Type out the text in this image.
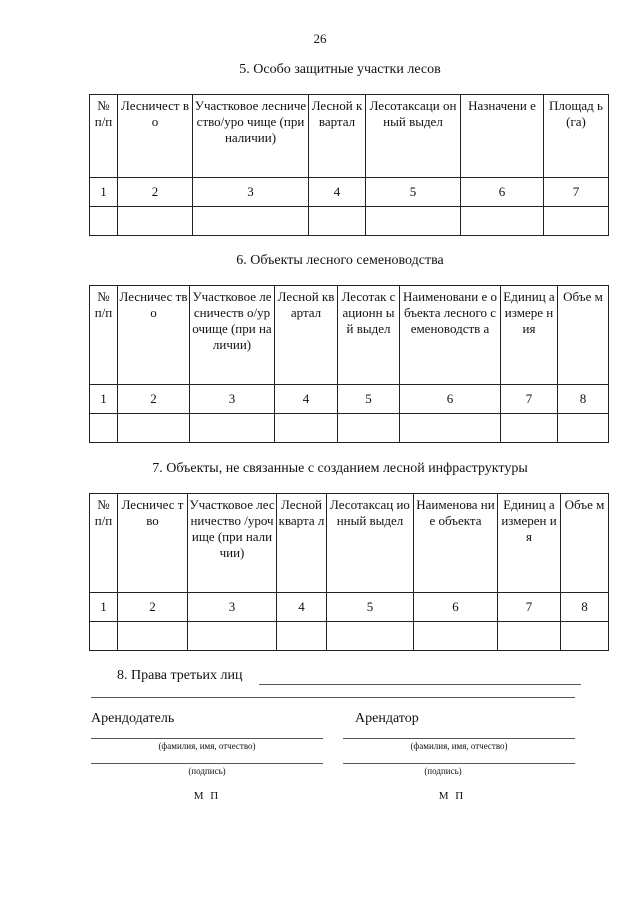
26
5. Особо защитные участки лесов
№ п/п	Лесничест во	Участковое лесничество/уро чище (при наличии)	Лесной квартал	Лесотаксаци онный выдел	Назначени е	Площад ь (га)
1	2	3	4	5	6	7

6. Объекты лесного семеноводства
№ п/п	Лесничес тво	Участковое лесничеств о/урочище (при наличии)	Лесной квартал	Лесотак сационн ый выдел	Наименовани е объекта лесного семеноводств а	Единиц а измере ния	Объе м
1	2	3	4	5	6	7	8

7. Объекты, не связанные с созданием лесной инфраструктуры
№ п/п	Лесничес тво	Участковое лесничество /урочище (при наличии)	Лесной кварта л	Лесотаксац ионный выдел	Наименова ние объекта	Единиц а измерен ия	Объе м
1	2	3	4	5	6	7	8

8. Права третьих лиц
Арендодатель
(фамилия, имя, отчество)
(подпись)
М П
Арендатор
(фамилия, имя, отчество)
(подпись)
М П
